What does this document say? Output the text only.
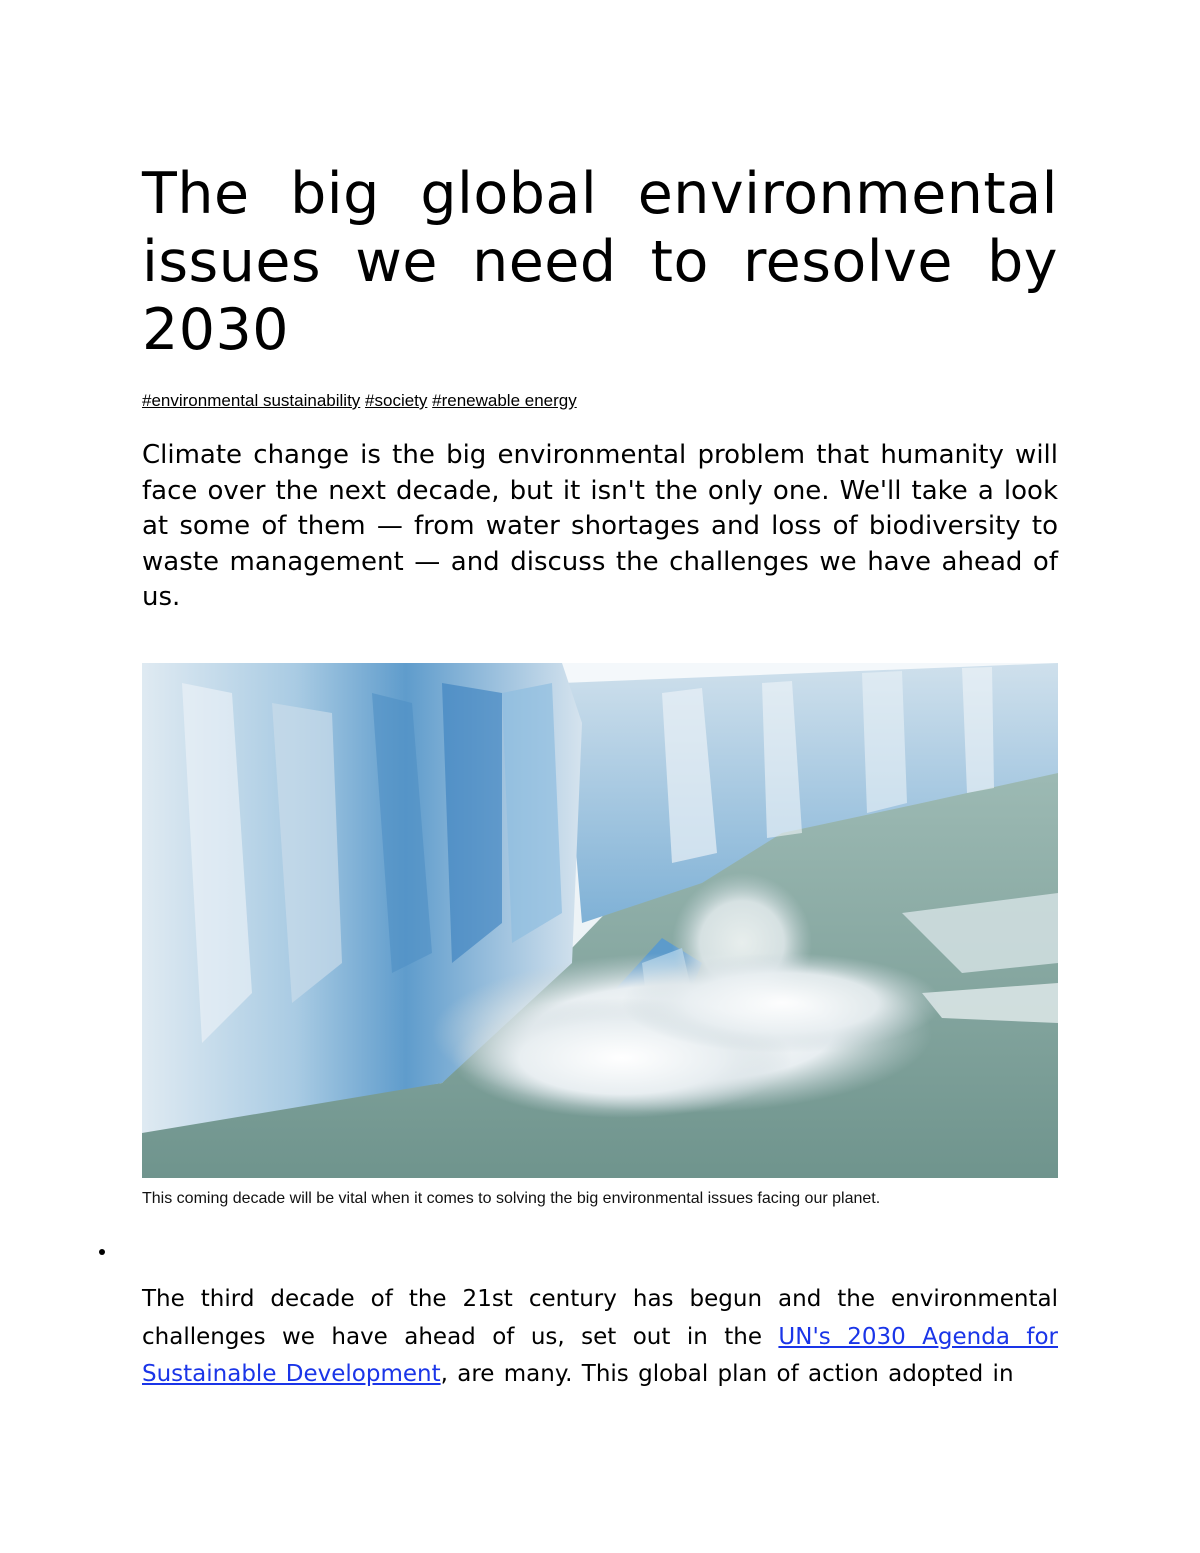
The big global environmental issues we need to resolve by 2030
#environmental sustainability #society #renewable energy

Climate change is the big environmental problem that humanity will face over the next decade, but it isn't the only one. We'll take a look at some of them — from water shortages and loss of biodiversity to waste management — and discuss the challenges we have ahead of us.

This coming decade will be vital when it comes to solving the big environmental issues facing our planet.

The third decade of the 21st century has begun and the environmental challenges we have ahead of us, set out in the UN's 2030 Agenda for Sustainable Development, are many. This global plan of action adopted in
